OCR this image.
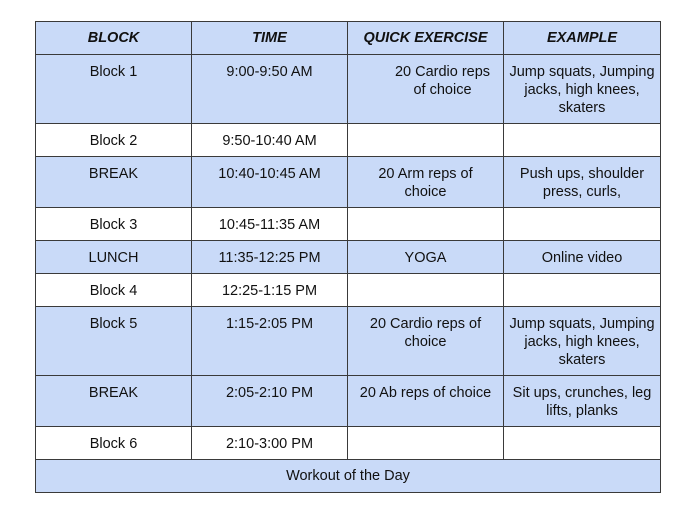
BLOCK	TIME	QUICK EXERCISE	EXAMPLE
Block 1	9:00-9:50 AM	20 Cardio reps of choice	Jump squats, Jumping jacks, high knees, skaters
Block 2	9:50-10:40 AM		
BREAK	10:40-10:45 AM	20 Arm reps of choice	Push ups, shoulder press, curls,
Block 3	10:45-11:35 AM		
LUNCH	11:35-12:25 PM	YOGA	Online video
Block 4	12:25-1:15 PM		
Block 5	1:15-2:05 PM	20 Cardio reps of choice	Jump squats, Jumping jacks, high knees, skaters
BREAK	2:05-2:10 PM	20 Ab reps of choice	Sit ups, crunches, leg lifts, planks
Block 6	2:10-3:00 PM		
Workout of the Day			
